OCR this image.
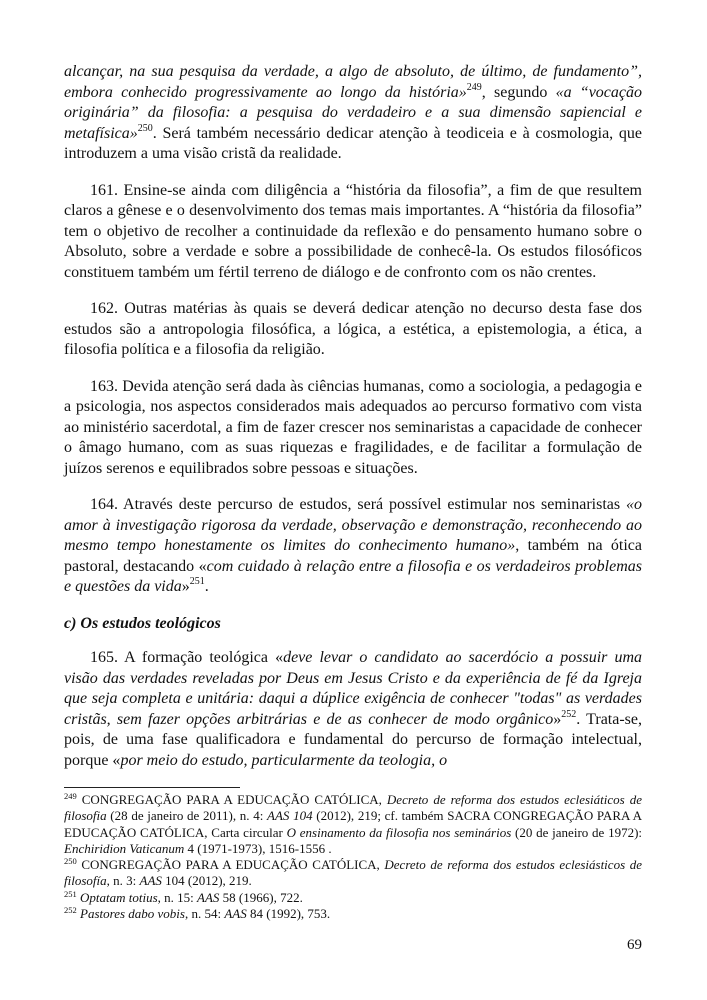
alcançar, na sua pesquisa da verdade, a algo de absoluto, de último, de fundamento”, embora conhecido progressivamente ao longo da história»$^{249}$, segundo «a “vocação originária” da filosofia: a pesquisa do verdadeiro e a sua dimensão sapiencial e metafísica»$^{250}$. Será também necessário dedicar atenção à teodiceia e à cosmologia, que introduzem a uma visão cristã da realidade.

161. Ensine-se ainda com diligência a “história da filosofia”, a fim de que resultem claros a gênese e o desenvolvimento dos temas mais importantes. A “história da filosofia” tem o objetivo de recolher a continuidade da reflexão e do pensamento humano sobre o Absoluto, sobre a verdade e sobre a possibilidade de conhecê-la. Os estudos filosóficos constituem também um fértil terreno de diálogo e de confronto com os não crentes.

162. Outras matérias às quais se deverá dedicar atenção no decurso desta fase dos estudos são a antropologia filosófica, a lógica, a estética, a epistemologia, a ética, a filosofia política e a filosofia da religião.

163. Devida atenção será dada às ciências humanas, como a sociologia, a pedagogia e a psicologia, nos aspectos considerados mais adequados ao percurso formativo com vista ao ministério sacerdotal, a fim de fazer crescer nos seminaristas a capacidade de conhecer o âmago humano, com as suas riquezas e fragilidades, e de facilitar a formulação de juízos serenos e equilibrados sobre pessoas e situações.

164. Através deste percurso de estudos, será possível estimular nos seminaristas «o amor à investigação rigorosa da verdade, observação e demonstração, reconhecendo ao mesmo tempo honestamente os limites do conhecimento humano», também na ótica pastoral, destacando «com cuidado à relação entre a filosofia e os verdadeiros problemas e questões da vida»$^{251}$.

c) Os estudos teológicos

165. A formação teológica «deve levar o candidato ao sacerdócio a possuir uma visão das verdades reveladas por Deus em Jesus Cristo e da experiência de fé da Igreja que seja completa e unitária: daqui a dúplice exigência de conhecer "todas" as verdades cristãs, sem fazer opções arbitrárias e de as conhecer de modo orgânico»$^{252}$. Trata-se, pois, de uma fase qualificadora e fundamental do percurso de formação intelectual, porque «por meio do estudo, particularmente da teologia, o

$^{249}$ CONGREGAÇÃO PARA A EDUCAÇÃO CATÓLICA, Decreto de reforma dos estudos eclesiáticos de filosofia (28 de janeiro de 2011), n. 4: AAS 104 (2012), 219; cf. também SACRA CONGREGAÇÃO PARA A EDUCAÇÃO CATÓLICA, Carta circular O ensinamento da filosofia nos seminários (20 de janeiro de 1972): Enchiridion Vaticanum 4 (1971-1973), 1516-1556 .

$^{250}$ CONGREGAÇÃO PARA A EDUCAÇÃO CATÓLICA, Decreto de reforma dos estudos eclesiásticos de filosofía, n. 3: AAS 104 (2012), 219.

$^{251}$ Optatam totius, n. 15: AAS 58 (1966), 722.

$^{252}$ Pastores dabo vobis, n. 54: AAS 84 (1992), 753.

69
